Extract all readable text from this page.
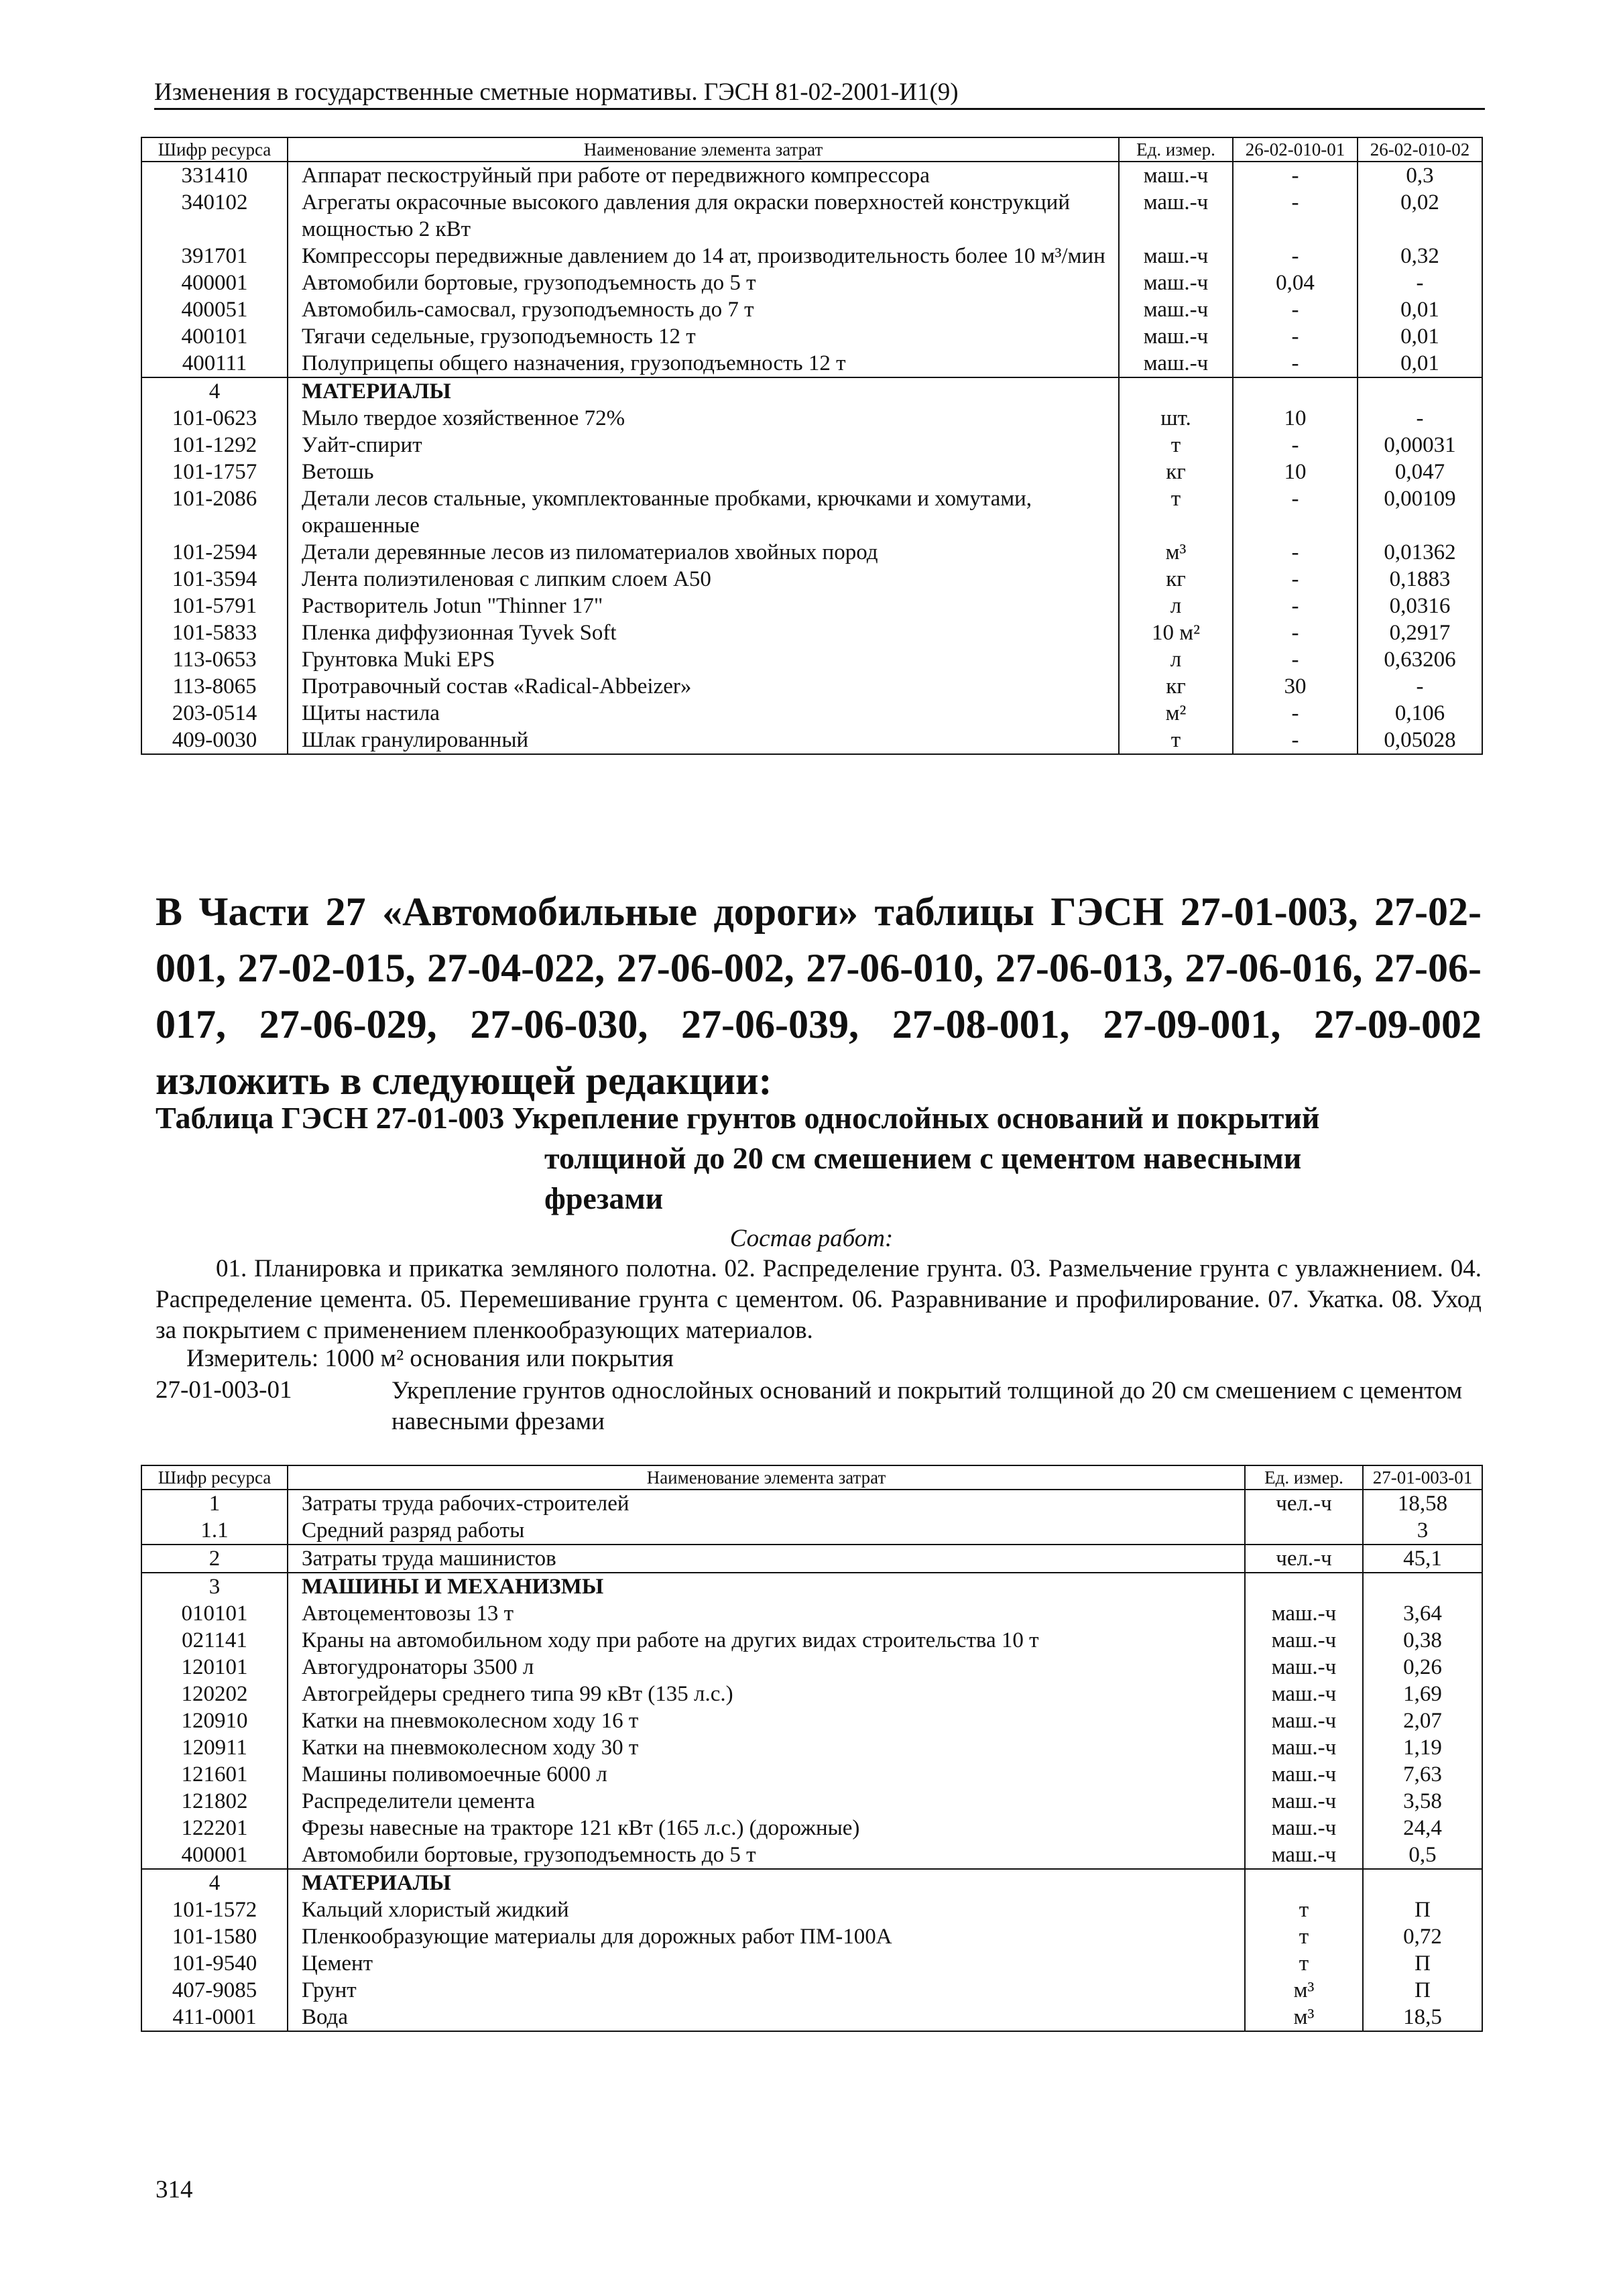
Изменения в государственные сметные нормативы. ГЭСН 81-02-2001-И1(9)
Шифр ресурса	Наименование элемента затрат	Ед. измер.	26-02-010-01	26-02-010-02
331410	Аппарат пескоструйный при работе от передвижного компрессора	маш.-ч	-	0,3
340102	Агрегаты окрасочные высокого давления для окраски поверхностей конструкций мощностью 2 кВт	маш.-ч	-	0,02
391701	Компрессоры передвижные давлением до 14 ат, производительность более 10 м³/мин	маш.-ч	-	0,32
400001	Автомобили бортовые, грузоподъемность до 5 т	маш.-ч	0,04	-
400051	Автомобиль-самосвал, грузоподъемность до 7 т	маш.-ч	-	0,01
400101	Тягачи седельные, грузоподъемность 12 т	маш.-ч	-	0,01
400111	Полуприцепы общего назначения, грузоподъемность 12 т	маш.-ч	-	0,01
4	МАТЕРИАЛЫ			
101-0623	Мыло твердое хозяйственное 72%	шт.	10	-
101-1292	Уайт-спирит	т	-	0,00031
101-1757	Ветошь	кг	10	0,047
101-2086	Детали лесов стальные, укомплектованные пробками, крючками и хомутами, окрашенные	т	-	0,00109
101-2594	Детали деревянные лесов из пиломатериалов хвойных пород	м³	-	0,01362
101-3594	Лента полиэтиленовая с липким слоем А50	кг	-	0,1883
101-5791	Растворитель Jotun "Thinner 17"	л	-	0,0316
101-5833	Пленка диффузионная Tyvek Soft	10 м²	-	0,2917
113-0653	Грунтовка Muki EPS	л	-	0,63206
113-8065	Протравочный состав «Radical-Abbeizer»	кг	30	-
203-0514	Щиты настила	м²	-	0,106
409-0030	Шлак гранулированный	т	-	0,05028
В Части 27 «Автомобильные дороги» таблицы ГЭСН 27-01-003, 27-02-001, 27-02-015, 27-04-022, 27-06-002, 27-06-010, 27-06-013, 27-06-016, 27-06-017, 27-06-029, 27-06-030, 27-06-039, 27-08-001, 27-09-001, 27-09-002 изложить в следующей редакции:
Таблица ГЭСН 27-01-003 Укрепление грунтов однослойных оснований и покрытий
толщиной до 20 см смешением с цементом навесными
фрезами
Состав работ:
01. Планировка и прикатка земляного полотна. 02. Распределение грунта. 03. Размельчение грунта с увлажнением. 04. Распределение цемента. 05. Перемешивание грунта с цементом. 06. Разравнивание и профилирование. 07. Укатка. 08. Уход за покрытием с применением пленкообразующих материалов.
Измеритель: 1000 м² основания или покрытия
27-01-003-01	Укрепление грунтов однослойных оснований и покрытий толщиной до 20 см смешением с цементом навесными фрезами
Шифр ресурса	Наименование элемента затрат	Ед. измер.	27-01-003-01
1	Затраты труда рабочих-строителей	чел.-ч	18,58
1.1	Средний разряд работы		3
2	Затраты труда машинистов	чел.-ч	45,1
3	МАШИНЫ И МЕХАНИЗМЫ		
010101	Автоцементовозы 13 т	маш.-ч	3,64
021141	Краны на автомобильном ходу при работе на других видах строительства 10 т	маш.-ч	0,38
120101	Автогудронаторы 3500 л	маш.-ч	0,26
120202	Автогрейдеры среднего типа 99 кВт (135 л.с.)	маш.-ч	1,69
120910	Катки на пневмоколесном ходу 16 т	маш.-ч	2,07
120911	Катки на пневмоколесном ходу 30 т	маш.-ч	1,19
121601	Машины поливомоечные 6000 л	маш.-ч	7,63
121802	Распределители цемента	маш.-ч	3,58
122201	Фрезы навесные на тракторе 121 кВт (165 л.с.) (дорожные)	маш.-ч	24,4
400001	Автомобили бортовые, грузоподъемность до 5 т	маш.-ч	0,5
4	МАТЕРИАЛЫ		
101-1572	Кальций хлористый жидкий	т	П
101-1580	Пленкообразующие материалы для дорожных работ ПМ-100А	т	0,72
101-9540	Цемент	т	П
407-9085	Грунт	м³	П
411-0001	Вода	м³	18,5
314
